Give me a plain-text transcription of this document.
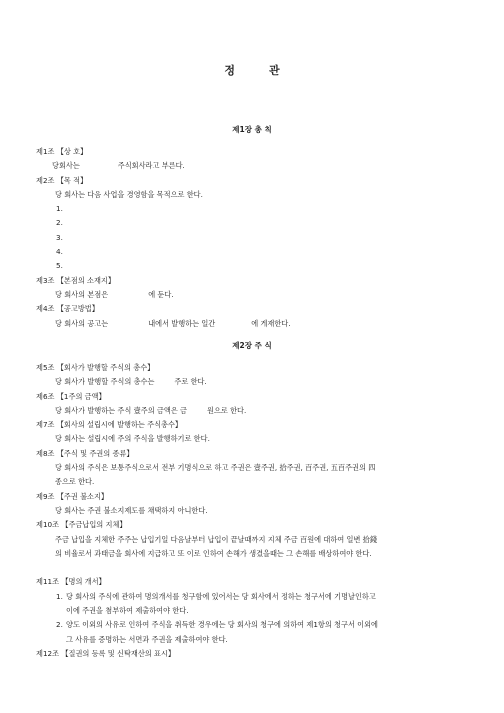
정	관
제1장 총 칙
제2장 주 식
제1조 【상 호】
당회사는	주식회사라고 부른다.
제2조 【목 적】
당 회사는 다음 사업을 경영함을 목적으로 한다.
1.
2.
3.
4.
5.
제3조 【본점의 소재지】
당 회사의 본점은	에 둔다.
제4조 【공고방법】
당 회사의 공고는	내에서 발행하는 일간	에 게재한다.
제5조 【회사가 발행할 주식의 총수】
당 회사가 발행할 주식의 총수는	주로 한다.
제6조 【1주의 금액】
당 회사가 발행하는 주식 壹주의 금액은 금	원으로 한다.
제7조 【회사의 설립시에 발행하는 주식총수】
당 회사는 설립시에 주의 주식을 발행하기로 한다.
제8조 【주식 및 주권의 종류】
당 회사의 주식은 보통주식으로서 전부 기명식으로 하고 주권은 壹주권, 拾주권, 百주권, 五百주권의 四
종으로 한다.
제9조 【주권 불소지】
당 회사는 주권 불소지제도를 채택하지 아니한다.
제10조 【주금납입의 지체】
주금 납입을 지체한 주주는 납입기일 다음날부터 납입이 끝날때까지 지체 주금 百원에 대하여 일변 拾錢
의 비율로서 과태금을 회사에 지급하고 또 이로 인하여 손해가 생겼을때는 그 손해를 배상하여야 한다.
제11조 【명의 개서】
1. 당 회사의 주식에 관하여 명의개서를 청구함에 있어서는 당 회사에서 정하는 청구서에 기명날인하고
이에 주권을 첨부하여 제출하여야 한다.
2. 양도 이외의 사유로 인하여 주식을 취득한 경우에는 당 회사의 청구에 의하여 제1항의 청구서 이외에
그 사유를 증명하는 서면과 주권을 제출하여야 한다.
제12조 【질권의 등록 및 신탁재산의 표시】
